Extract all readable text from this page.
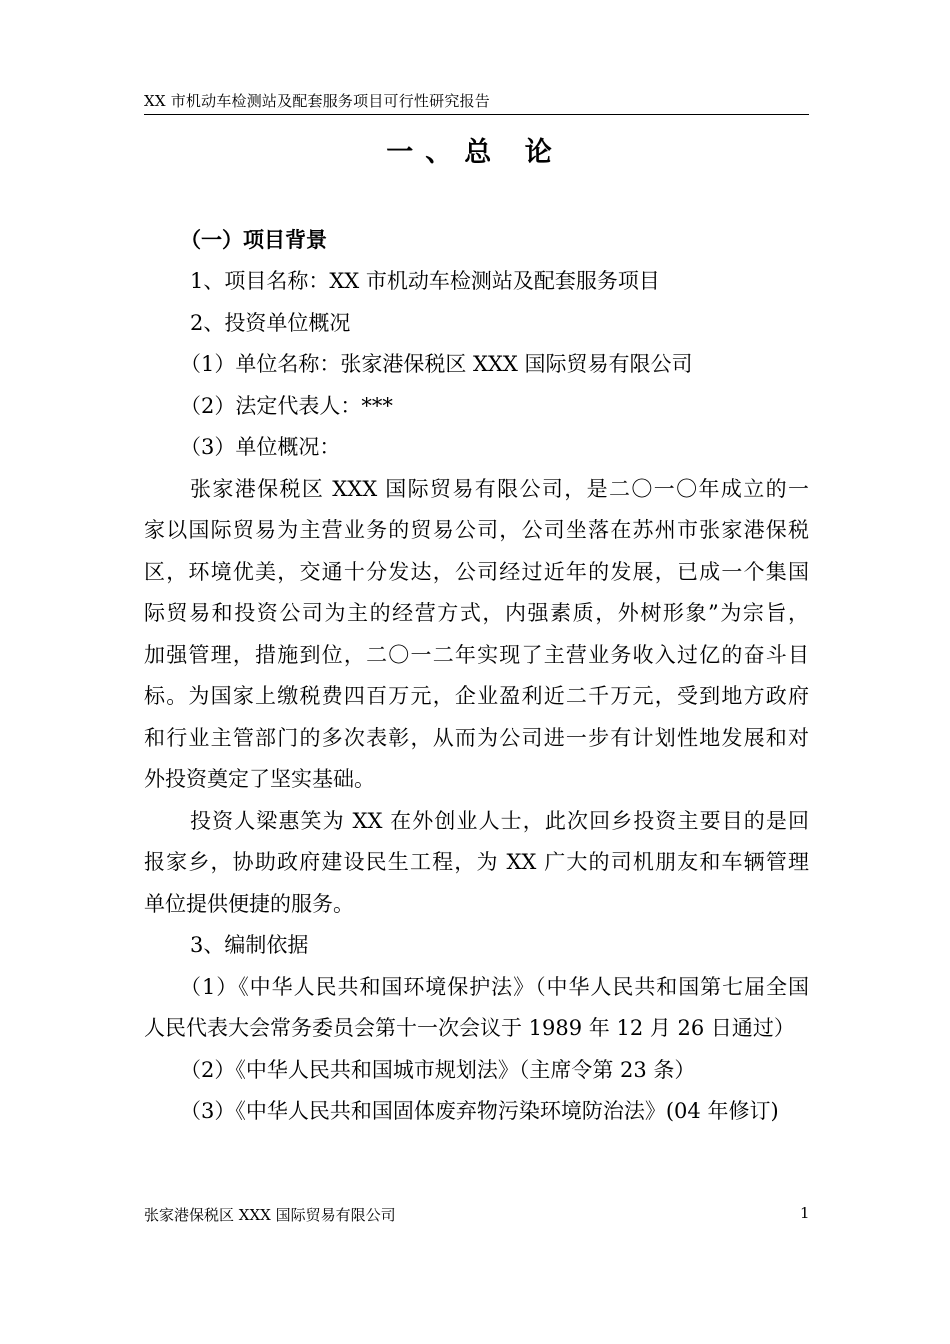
XX 市机动车检测站及配套服务项目可行性研究报告
一、总 论
（一）项目背景
1、项目名称：XX 市机动车检测站及配套服务项目
2、投资单位概况
（1）单位名称：张家港保税区 XXX 国际贸易有限公司
（2）法定代表人：***
（3）单位概况：
张家港保税区 XXX 国际贸易有限公司，是二〇一〇年成立的一
家以国际贸易为主营业务的贸易公司，公司坐落在苏州市张家港保税
区，环境优美，交通十分发达，公司经过近年的发展，已成一个集国
际贸易和投资公司为主的经营方式，内强素质，外树形象”为宗旨，
加强管理，措施到位，二〇一二年实现了主营业务收入过亿的奋斗目
标。为国家上缴税费四百万元，企业盈利近二千万元，受到地方政府
和行业主管部门的多次表彰，从而为公司进一步有计划性地发展和对
外投资奠定了坚实基础。
投资人梁惠笑为 XX 在外创业人士，此次回乡投资主要目的是回
报家乡，协助政府建设民生工程，为 XX 广大的司机朋友和车辆管理
单位提供便捷的服务。
3、编制依据
（1）《中华人民共和国环境保护法》（中华人民共和国第七届全国
人民代表大会常务委员会第十一次会议于 1989 年 12 月 26 日通过）
（2）《中华人民共和国城市规划法》（主席令第 23 条）
（3）《中华人民共和国固体废弃物污染环境防治法》(04 年修订)
张家港保税区 XXX 国际贸易有限公司	1
